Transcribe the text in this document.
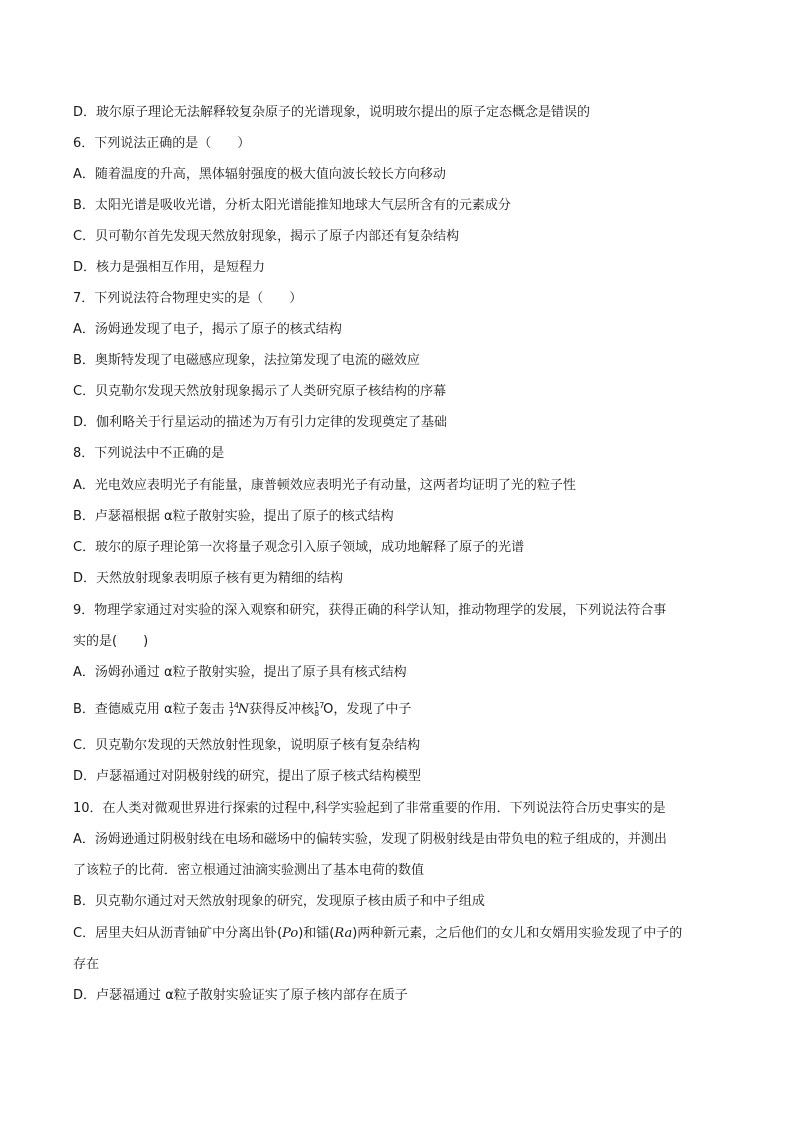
D．玻尔原子理论无法解释较复杂原子的光谱现象，说明玻尔提出的原子定态概念是错误的
6．下列说法正确的是（　　）
A．随着温度的升高，黑体辐射强度的极大值向波长较长方向移动
B．太阳光谱是吸收光谱，分析太阳光谱能推知地球大气层所含有的元素成分
C．贝可勒尔首先发现天然放射现象，揭示了原子内部还有复杂结构
D．核力是强相互作用，是短程力
7．下列说法符合物理史实的是（　　）
A．汤姆逊发现了电子，揭示了原子的核式结构
B．奥斯特发现了电磁感应现象，法拉第发现了电流的磁效应
C．贝克勒尔发现天然放射现象揭示了人类研究原子核结构的序幕
D．伽利略关于行星运动的描述为万有引力定律的发现奠定了基础
8．下列说法中不正确的是
A．光电效应表明光子有能量，康普顿效应表明光子有动量，这两者均证明了光的粒子性
B．卢瑟福根据 α粒子散射实验，提出了原子的核式结构
C．玻尔的原子理论第一次将量子观念引入原子领域，成功地解释了原子的光谱
D．天然放射现象表明原子核有更为精细的结构
9．物理学家通过对实验的深入观察和研究，获得正确的科学认知，推动物理学的发展，下列说法符合事
实的是(　　)
A．汤姆孙通过 α粒子散射实验，提出了原子具有核式结构
B．查德威克用 α粒子轰击 14
7 N获得反冲核 17
8 O，发现了中子
C．贝克勒尔发现的天然放射性现象，说明原子核有复杂结构
D．卢瑟福通过对阴极射线的研究，提出了原子核式结构模型
10．在人类对微观世界进行探索的过程中,科学实验起到了非常重要的作用．下列说法符合历史事实的是
A．汤姆逊通过阴极射线在电场和磁场中的偏转实验，发现了阴极射线是由带负电的粒子组成的，并测出
了该粒子的比荷．密立根通过油滴实验测出了基本电荷的数值
B．贝克勒尔通过对天然放射现象的研究，发现原子核由质子和中子组成
C．居里夫妇从沥青铀矿中分离出钋(Po)和镭(Ra)两种新元素，之后他们的女儿和女婿用实验发现了中子的
存在
D．卢瑟福通过 α粒子散射实验证实了原子核内部存在质子
